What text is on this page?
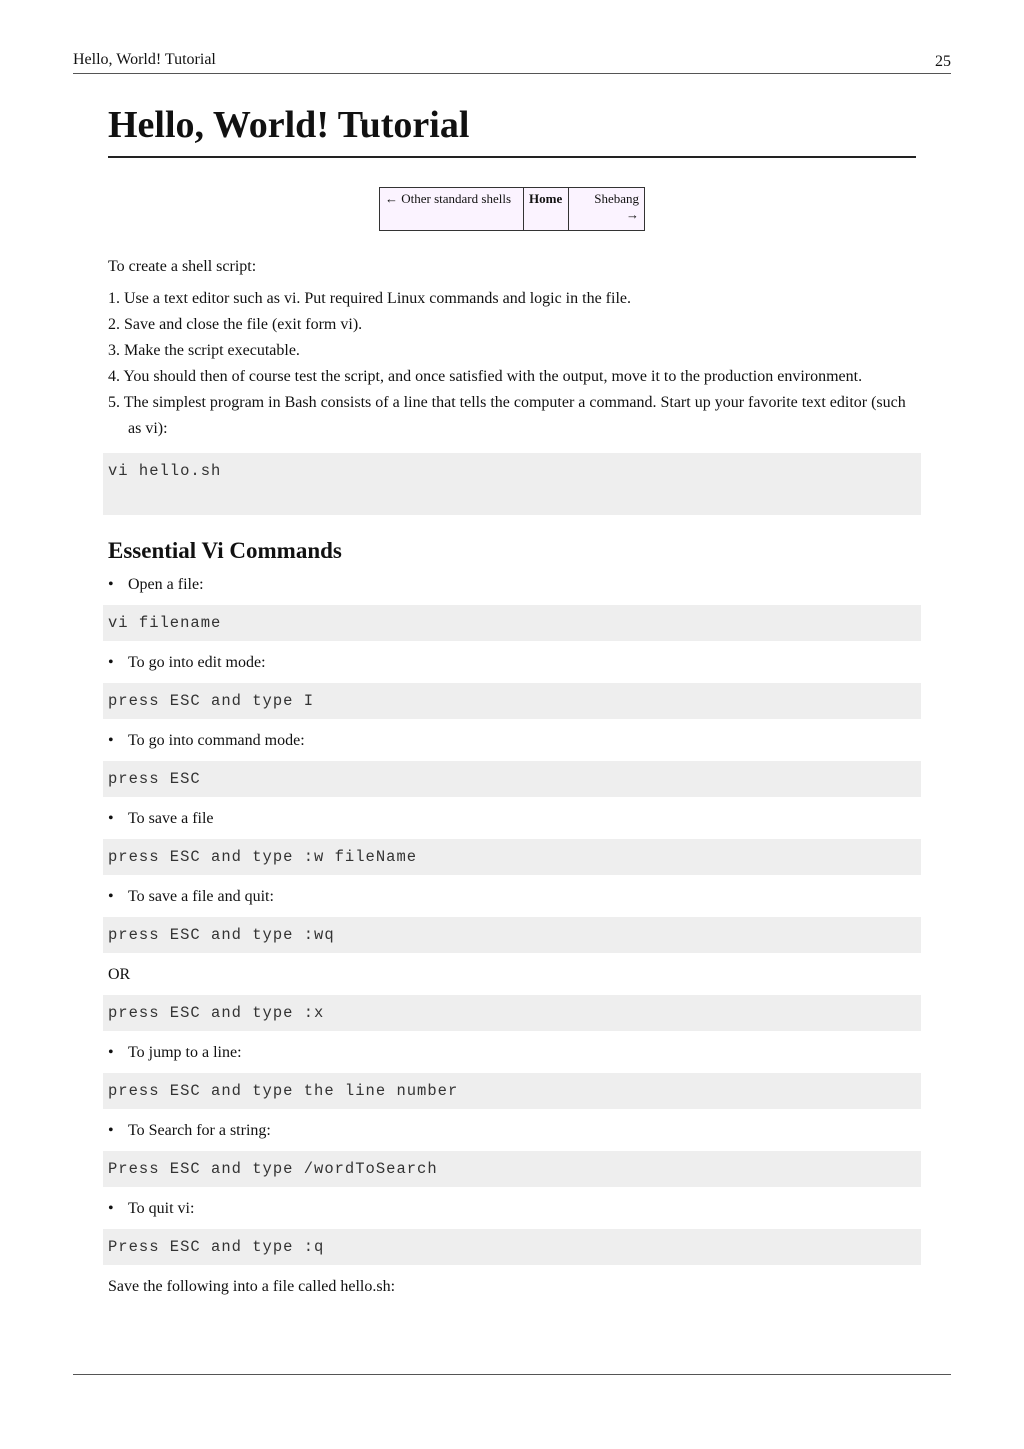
Hello, World! Tutorial	25
Hello, World! Tutorial
← Other standard shells	Home	Shebang
→

To create a shell script:

1. Use a text editor such as vi. Put required Linux commands and logic in the file.
2. Save and close the file (exit form vi).
3. Make the script executable.
4. You should then of course test the script, and once satisfied with the output, move it to the production environment.
5. The simplest program in Bash consists of a line that tells the computer a command. Start up your favorite text editor (such as vi):
vi hello.sh
Essential Vi Commands
• Open a file:
vi filename
• To go into edit mode:
press ESC and type I
• To go into command mode:
press ESC
• To save a file
press ESC and type :w fileName
• To save a file and quit:
press ESC and type :wq
OR
press ESC and type :x
• To jump to a line:
press ESC and type the line number
• To Search for a string:
Press ESC and type /wordToSearch
• To quit vi:
Press ESC and type :q

Save the following into a file called hello.sh:
